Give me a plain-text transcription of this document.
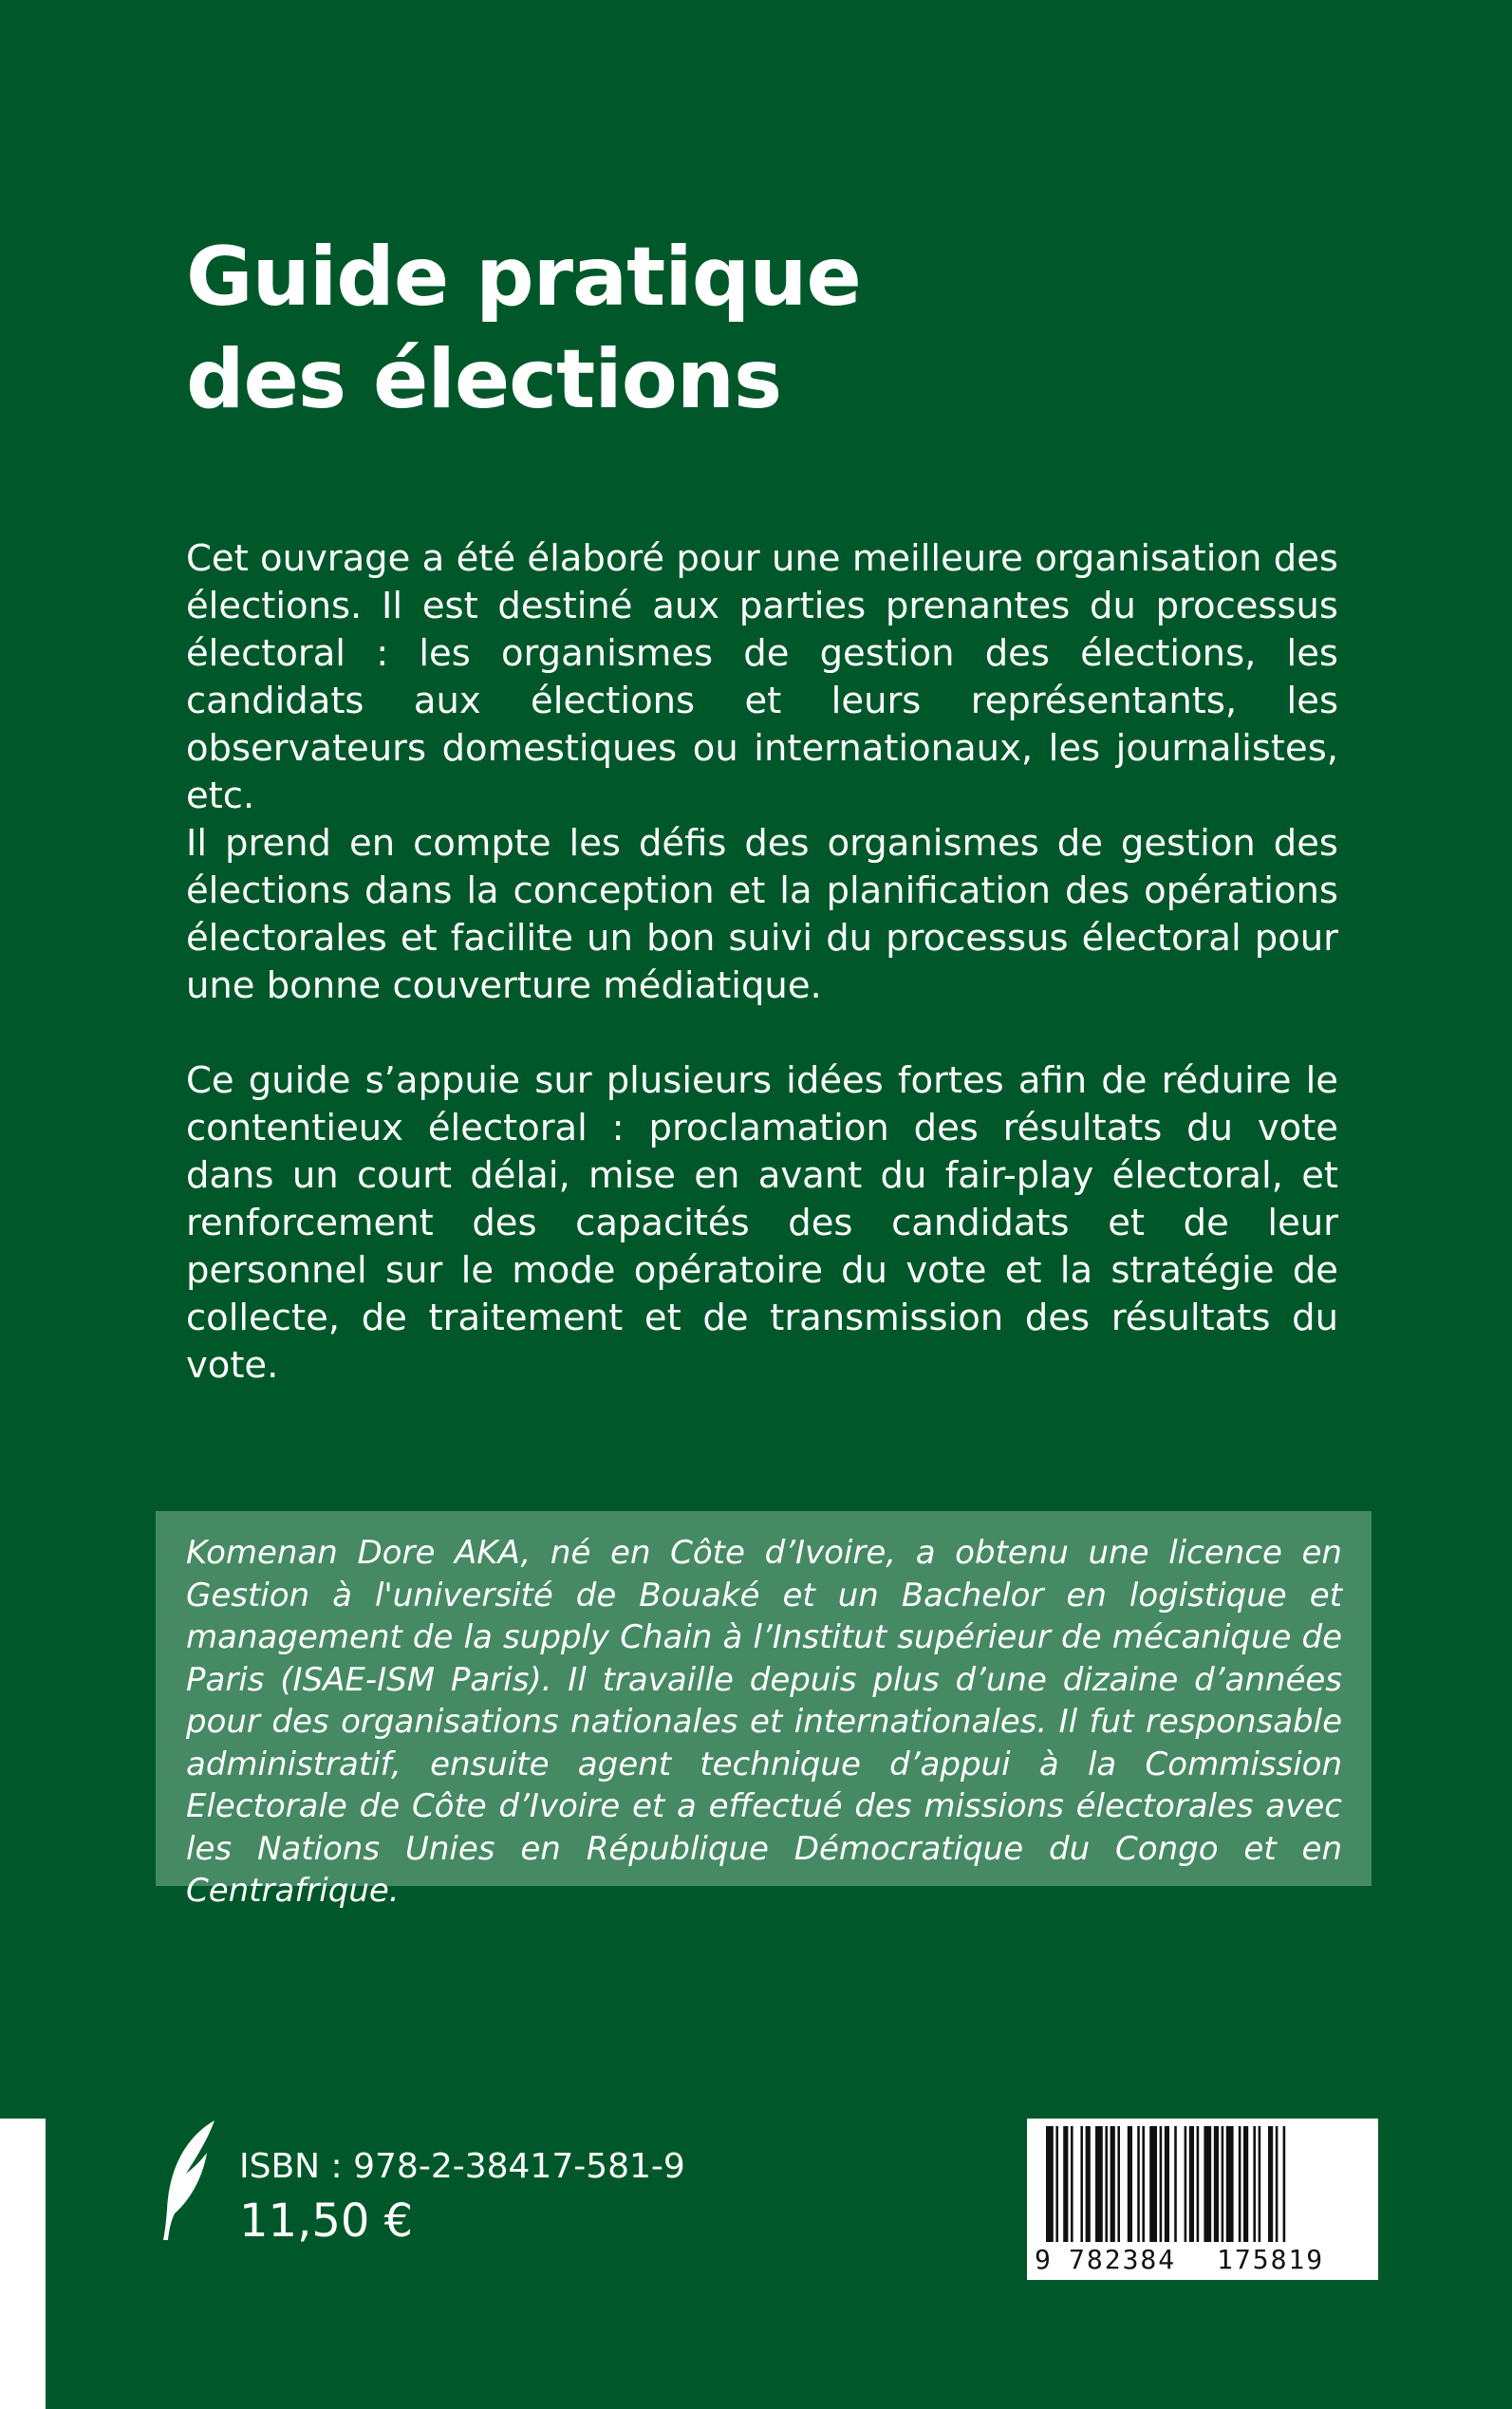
Guide pratique
des élections

Cet ouvrage a été élaboré pour une meilleure organisation des élections. Il est destiné aux parties prenantes du processus électoral : les organismes de gestion des élections, les candidats aux élections et leurs représentants, les observateurs domestiques ou internationaux, les journalistes, etc.

Il prend en compte les défis des organismes de gestion des élections dans la conception et la planification des opérations électorales et facilite un bon suivi du processus électoral pour une bonne couverture médiatique.

Ce guide s’appuie sur plusieurs idées fortes afin de réduire le contentieux électoral : proclamation des résultats du vote dans un court délai, mise en avant du fair-play électoral, et renforcement des capacités des candidats et de leur personnel sur le mode opératoire du vote et la stratégie de collecte, de traitement et de transmission des résultats du vote.

Komenan Dore AKA, né en Côte d’Ivoire, a obtenu une licence en Gestion à l'université de Bouaké et un Bachelor en logistique et management de la supply Chain à l’Institut supérieur de mécanique de Paris (ISAE-ISM Paris). Il travaille depuis plus d’une dizaine d’années pour des organisations nationales et internationales. Il fut responsable administratif, ensuite agent technique d’appui à la Commission Electorale de Côte d’Ivoire et a effectué des missions électorales avec les Nations Unies en République Démocratique du Congo et en Centrafrique.

ISBN : 978-2-38417-581-9
11,50 €
9 782384 175819
